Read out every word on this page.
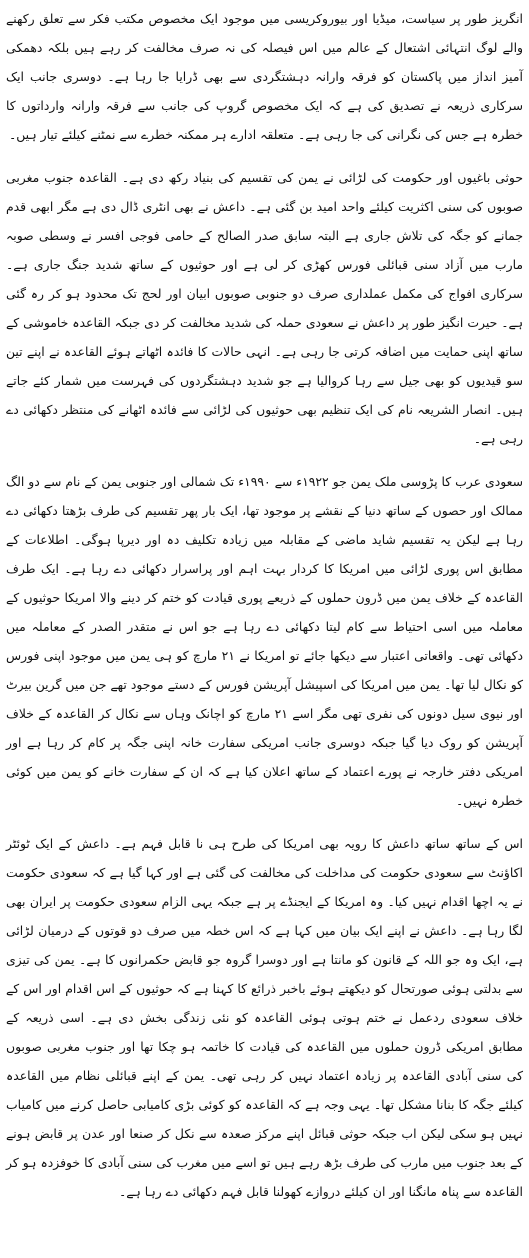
انگریز طور پر سیاست، میڈیا اور بیوروکریسی میں موجود ایک مخصوص مکتب فکر سے تعلق رکھنے والے لوگ انتہائی اشتعال کے عالم میں اس فیصلہ کی نہ صرف مخالفت کر رہے ہیں بلکہ دھمکی آمیز انداز میں پاکستان کو فرقہ وارانہ دہشتگردی سے بھی ڈرایا جا رہا ہے۔ دوسری جانب ایک سرکاری ذریعہ نے تصدیق کی ہے کہ ایک مخصوص گروپ کی جانب سے فرقہ وارانہ وارداتوں کا خطرہ ہے جس کی نگرانی کی جا رہی ہے۔ متعلقہ ادارے ہر ممکنہ خطرے سے نمٹنے کیلئے تیار ہیں۔

حوثی باغیوں اور حکومت کی لڑائی نے یمن کی تقسیم کی بنیاد رکھ دی ہے۔ القاعدہ جنوب مغربی صوبوں کی سنی اکثریت کیلئے واحد امید بن گئی ہے۔ داعش نے بھی انٹری ڈال دی ہے مگر ابھی قدم جمانے کو جگہ کی تلاش جاری ہے البتہ سابق صدر الصالح کے حامی فوجی افسر نے وسطی صوبہ مارب میں آزاد سنی قبائلی فورس کھڑی کر لی ہے اور حوثیوں کے ساتھ شدید جنگ جاری ہے۔ سرکاری افواج کی مکمل عملداری صرف دو جنوبی صوبوں ابیان اور لحج تک محدود ہو کر رہ گئی ہے۔ حیرت انگیز طور پر داعش نے سعودی حملہ کی شدید مخالفت کر دی جبکہ القاعدہ خاموشی کے ساتھ اپنی حمایت میں اضافہ کرتی جا رہی ہے۔ انہی حالات کا فائدہ اٹھاتے ہوئے القاعدہ نے اپنے تین سو قیدیوں کو بھی جیل سے رہا کروالیا ہے جو شدید دہشتگردوں کی فہرست میں شمار کئے جاتے ہیں۔ انصار الشریعہ نام کی ایک تنظیم بھی حوثیوں کی لڑائی سے فائدہ اٹھانے کی منتظر دکھائی دے رہی ہے۔

سعودی عرب کا پڑوسی ملک یمن جو ۱۹۲۲ء سے ۱۹۹۰ء تک شمالی اور جنوبی یمن کے نام سے دو الگ ممالک اور حصوں کے ساتھ دنیا کے نقشے پر موجود تھا، ایک بار پھر تقسیم کی طرف بڑھتا دکھائی دے رہا ہے لیکن یہ تقسیم شاید ماضی کے مقابلہ میں زیادہ تکلیف دہ اور دیرپا ہوگی۔ اطلاعات کے مطابق اس پوری لڑائی میں امریکا کا کردار بہت اہم اور پراسرار دکھائی دے رہا ہے۔ ایک طرف القاعدہ کے خلاف یمن میں ڈرون حملوں کے ذریعے پوری قیادت کو ختم کر دینے والا امریکا حوثیوں کے معاملہ میں اسی احتیاط سے کام لیتا دکھائی دے رہا ہے جو اس نے متقدر الصدر کے معاملہ میں دکھائی تھی۔ واقعاتی اعتبار سے دیکھا جائے تو امریکا نے ۲۱ مارچ کو ہی یمن میں موجود اپنی فورس کو نکال لیا تھا۔ یمن میں امریکا کی اسپیشل آپریشن فورس کے دستے موجود تھے جن میں گرین بیرٹ اور نیوی سیل دونوں کی نفری تھی مگر اسے ۲۱ مارچ کو اچانک وہاں سے نکال کر القاعدہ کے خلاف آپریشن کو روک دیا گیا جبکہ دوسری جانب امریکی سفارت خانہ اپنی جگہ پر کام کر رہا ہے اور امریکی دفتر خارجہ نے پورے اعتماد کے ساتھ اعلان کیا ہے کہ ان کے سفارت خانے کو یمن میں کوئی خطرہ نہیں۔

اس کے ساتھ ساتھ داعش کا رویہ بھی امریکا کی طرح ہی نا قابل فہم ہے۔ داعش کے ایک ٹوئٹر اکاؤنٹ سے سعودی حکومت کی مداخلت کی مخالفت کی گئی ہے اور کہا گیا ہے کہ سعودی حکومت نے یہ اچھا اقدام نہیں کیا۔ وہ امریکا کے ایجنڈے پر ہے جبکہ یہی الزام سعودی حکومت پر ایران بھی لگا رہا ہے۔ داعش نے اپنے ایک بیان میں کہا ہے کہ اس خطہ میں صرف دو قوتوں کے درمیان لڑائی ہے، ایک وہ جو اللہ کے قانون کو مانتا ہے اور دوسرا گروہ جو قابض حکمرانوں کا ہے۔ یمن کی تیزی سے بدلتی ہوئی صورتحال کو دیکھتے ہوئے باخبر ذرائع کا کہنا ہے کہ حوثیوں کے اس اقدام اور اس کے خلاف سعودی ردعمل نے ختم ہوتی ہوئی القاعدہ کو نئی زندگی بخش دی ہے۔ اسی ذریعہ کے مطابق امریکی ڈرون حملوں میں القاعدہ کی قیادت کا خاتمہ ہو چکا تھا اور جنوب مغربی صوبوں کی سنی آبادی القاعدہ پر زیادہ اعتماد نہیں کر رہی تھی۔ یمن کے اپنے قبائلی نظام میں القاعدہ کیلئے جگہ کا بنانا مشکل تھا۔ یہی وجہ ہے کہ القاعدہ کو کوئی بڑی کامیابی حاصل کرنے میں کامیاب نہیں ہو سکی لیکن اب جبکہ حوثی قبائل اپنے مرکز صعدہ سے نکل کر صنعا اور عدن پر قابض ہونے کے بعد جنوب میں مارب کی طرف بڑھ رہے ہیں تو اسے میں مغرب کی سنی آبادی کا خوفزدہ ہو کر القاعدہ سے پناہ مانگنا اور ان کیلئے دروازے کھولنا قابل فہم دکھائی دے رہا ہے۔
